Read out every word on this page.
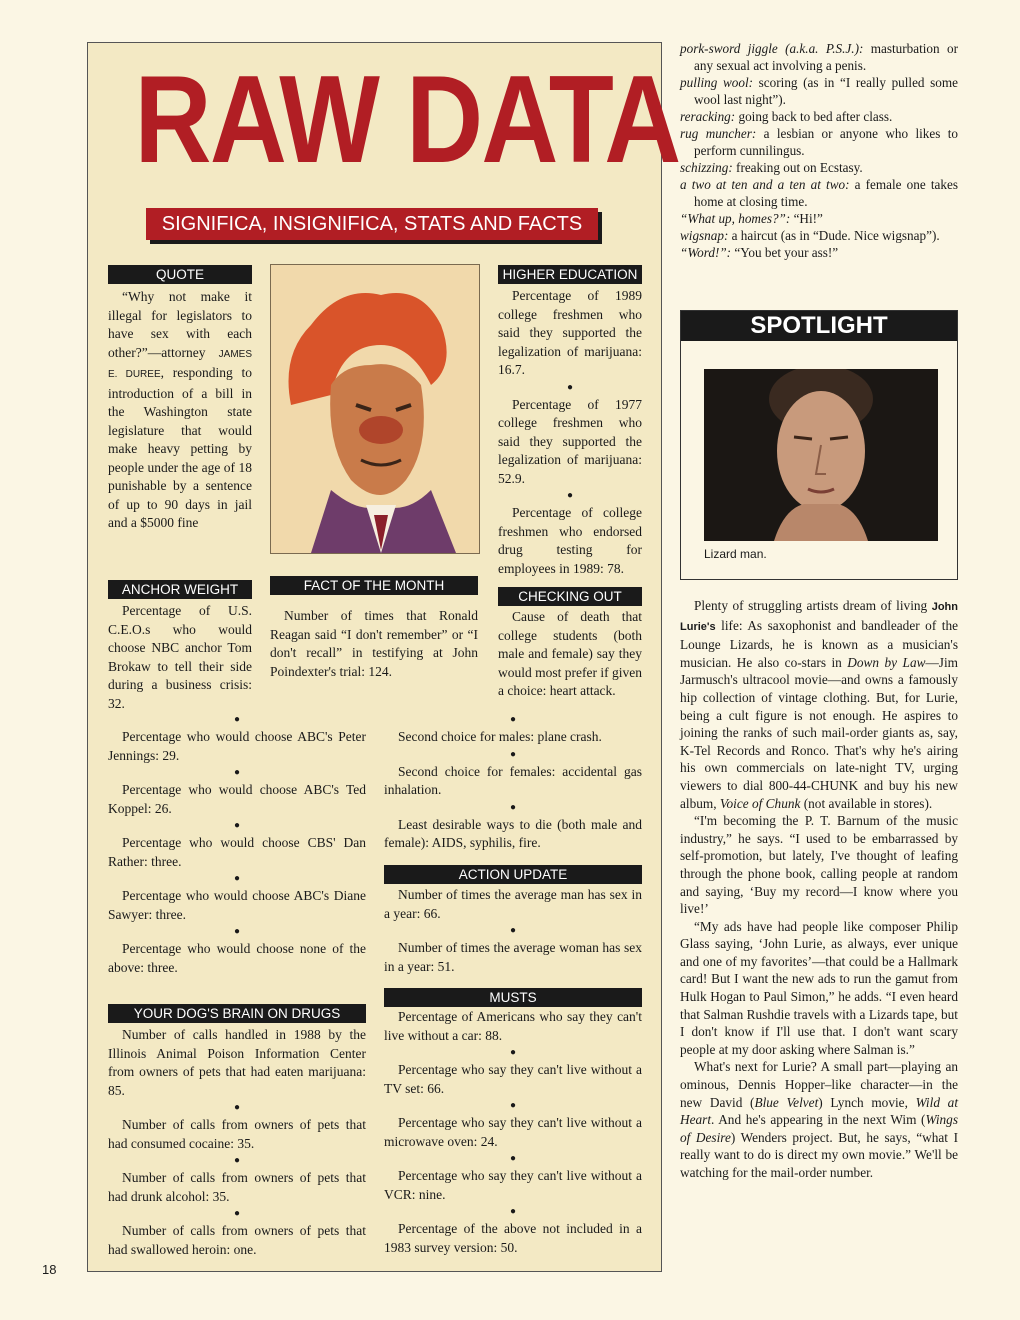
RAW DATA
SIGNIFICA, INSIGNIFICA, STATS AND FACTS
QUOTE

“Why not make it illegal for legislators to have sex with each other?”—attorney JAMES E. DUREE, responding to introduction of a bill in the Washington state legislature that would make heavy petting by people under the age of 18 punishable by a sentence of up to 90 days in jail and a $5000 fine

HIGHER EDUCATION

Percentage of 1989 college freshmen who said they supported the legalization of marijuana: 16.7.

●

Percentage of 1977 college freshmen who said they supported the legalization of marijuana: 52.9.

●

Percentage of college freshmen who endorsed drug testing for employees in 1989: 78.

ANCHOR WEIGHT

Percentage of U.S. C.E.O.s who would choose NBC anchor Tom Brokaw to tell their side during a business crisis: 32.

●

Percentage who would choose ABC's Peter Jennings: 29.

●

Percentage who would choose ABC's Ted Koppel: 26.

●

Percentage who would choose CBS' Dan Rather: three.

●

Percentage who would choose ABC's Diane Sawyer: three.

●

Percentage who would choose none of the above: three.

FACT OF THE MONTH

Number of times that Ronald Reagan said “I don't remember” or “I don't recall” in testifying at John Poindexter's trial: 124.

CHECKING OUT

Cause of death that college students (both male and female) say they would most prefer if given a choice: heart attack.

●

Second choice for males: plane crash.

●

Second choice for females: accidental gas inhalation.

●

Least desirable ways to die (both male and female): AIDS, syphilis, fire.

ACTION UPDATE

Number of times the average man has sex in a year: 66.

●

Number of times the average woman has sex in a year: 51.

YOUR DOG'S BRAIN ON DRUGS

Number of calls handled in 1988 by the Illinois Animal Poison Information Center from owners of pets that had eaten marijuana: 85.

●

Number of calls from owners of pets that had consumed cocaine: 35.

●

Number of calls from owners of pets that had drunk alcohol: 35.

●

Number of calls from owners of pets that had swallowed heroin: one.

MUSTS

Percentage of Americans who say they can't live without a car: 88.

●

Percentage who say they can't live without a TV set: 66.

●

Percentage who say they can't live without a microwave oven: 24.

●

Percentage who say they can't live without a VCR: nine.

●

Percentage of the above not included in a 1983 survey version: 50.

pork-sword jiggle (a.k.a. P.S.J.): masturbation or any sexual act involving a penis.

pulling wool: scoring (as in “I really pulled some wool last night”).

reracking: going back to bed after class.

rug muncher: a lesbian or anyone who likes to perform cunnilingus.

schizzing: freaking out on Ecstasy.

a two at ten and a ten at two: a female one takes home at closing time.

“What up, homes?”: “Hi!”

wigsnap: a haircut (as in “Dude. Nice wigsnap”).

“Word!”: “You bet your ass!”

SPOTLIGHT
Lizard man.

Plenty of struggling artists dream of living John Lurie's life: As saxophonist and bandleader of the Lounge Lizards, he is known as a musician's musician. He also co-stars in Down by Law—Jim Jarmusch's ultracool movie—and owns a famously hip collection of vintage clothing. But, for Lurie, being a cult figure is not enough. He aspires to joining the ranks of such mail-order giants as, say, K-Tel Records and Ronco. That's why he's airing his own commercials on late-night TV, urging viewers to dial 800-44-CHUNK and buy his new album, Voice of Chunk (not available in stores).

“I'm becoming the P. T. Barnum of the music industry,” he says. “I used to be embarrassed by self-promotion, but lately, I've thought of leafing through the phone book, calling people at random and saying, ‘Buy my record—I know where you live!’

“My ads have had people like composer Philip Glass saying, ‘John Lurie, as always, ever unique and one of my favorites’—that could be a Hallmark card! But I want the new ads to run the gamut from Hulk Hogan to Paul Simon,” he adds. “I even heard that Salman Rushdie travels with a Lizards tape, but I don't know if I'll use that. I don't want scary people at my door asking where Salman is.”

What's next for Lurie? A small part—playing an ominous, Dennis Hopper–like character—in the new David (Blue Velvet) Lynch movie, Wild at Heart. And he's appearing in the next Wim (Wings of Desire) Wenders project. But, he says, “what I really want to do is direct my own movie.” We'll be watching for the mail-order number.

18
